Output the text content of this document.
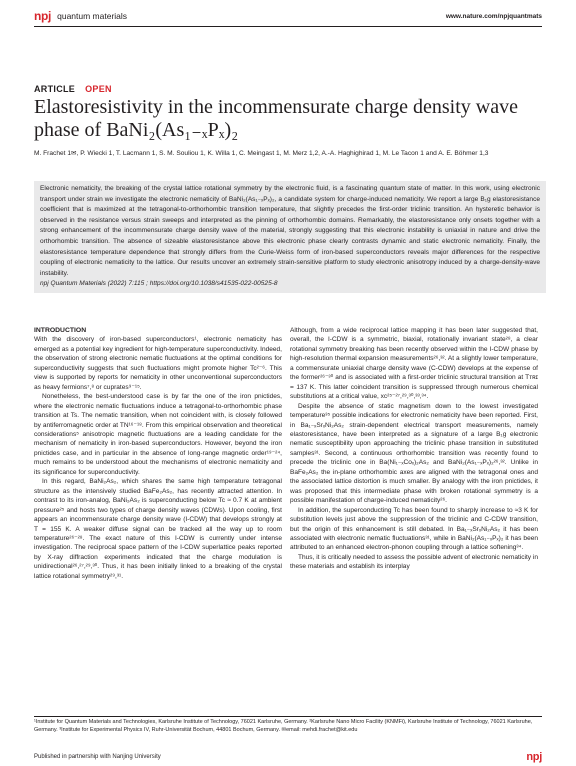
npj quantum materials	www.nature.com/npjquantmats
ARTICLE OPEN
Elastoresistivity in the incommensurate charge density wave phase of BaNi₂(As₁₋ₓPₓ)₂
M. Frachet 1✉, P. Wiecki 1, T. Lacmann 1, S. M. Souliou 1, K. Willa 1, C. Meingast 1, M. Merz 1,2, A.-A. Haghighirad 1, M. Le Tacon 1 and A. E. Böhmer 1,3
Electronic nematicity, the breaking of the crystal lattice rotational symmetry by the electronic fluid, is a fascinating quantum state of matter. In this work, using electronic transport under strain we investigate the electronic nematicity of BaNi₂(As₁₋ₓPₓ)₂, a candidate system for charge-induced nematicity. We report a large B₁g elastoresistance coefficient that is maximized at the tetragonal-to-orthorhombic transition temperature, that slightly precedes the first-order triclinic transition. An hysteretic behavior is observed in the resistance versus strain sweeps and interpreted as the pinning of orthorhombic domains. Remarkably, the elastoresistance only onsets together with a strong enhancement of the incommensurate charge density wave of the material, strongly suggesting that this electronic instability is uniaxial in nature and drive the orthorhombic transition. The absence of sizeable elastoresistance above this electronic phase clearly contrasts dynamic and static electronic nematicity. Finally, the elastoresistance temperature dependence that strongly differs from the Curie-Weiss form of iron-based superconductors reveals major differences for the respective coupling of electronic nematicity to the lattice. Our results uncover an extremely strain-sensitive platform to study electronic anisotropy induced by a charge-density-wave instability.
npj Quantum Materials (2022) 7:115 ; https://doi.org/10.1038/s41535-022-00525-8

INTRODUCTION

With the discovery of iron-based superconductors¹, electronic nematicity has emerged as a potential key ingredient for high-temperature superconductivity. Indeed, the observation of strong electronic nematic fluctuations at the optimal conditions for superconductivity suggests that such fluctuations might promote higher Tc²⁻⁶. This view is supported by reports for nematicity in other unconventional superconductors as heavy fermions⁷,⁸ or cuprates⁹⁻¹⁵.

Nonetheless, the best-understood case is by far the one of the iron pnictides, where the electronic nematic fluctuations induce a tetragonal-to-orthorhombic phase transition at Ts. The nematic transition, when not coincident with, is closely followed by antiferromagnetic order at TN¹⁶⁻¹⁸. From this empirical observation and theoretical considerations⁵ anisotropic magnetic fluctuations are a leading candidate for the mechanism of nematicity in iron-based superconductors. However, beyond the iron pnictides case, and in particular in the absence of long-range magnetic order¹⁹⁻²⁴, much remains to be understood about the mechanisms of electronic nematicity and its significance for superconductivity.

In this regard, BaNi₂As₂, which shares the same high temperature tetragonal structure as the intensively studied BaFe₂As₂, has recently attracted attention. In contrast to its iron-analog, BaNi₂As₂ is superconducting below Tc ≈ 0.7 K at ambient pressure²⁵ and hosts two types of charge density waves (CDWs). Upon cooling, first appears an incommensurate charge density wave (I-CDW) that develops strongly at T = 155 K. A weaker diffuse signal can be tracked all the way up to room temperature²⁶⁻²⁸. The exact nature of this I-CDW is currently under intense investigation. The reciprocal space pattern of the I-CDW superlattice peaks reported by X-ray diffraction experiments indicated that the charge modulation is unidirectional²⁶,²⁷,²⁹,³⁰. Thus, it has been initially linked to a breaking of the crystal lattice rotational symmetry²⁹,³¹.

Although, from a wide reciprocal lattice mapping it has been later suggested that, overall, the I-CDW is a symmetric, biaxial, rotationally invariant state²⁸, a clear rotational symmetry breaking has been recently observed within the I-CDW phase by high-resolution thermal expansion measurements²⁶,³². At a slightly lower temperature, a commensurate uniaxial charge density wave (C-CDW) develops at the expense of the former²⁶⁻³⁰ and is associated with a first-order triclinic structural transition at Tᴛʀɪ = 137 K. This latter coincident transition is suppressed through numerous chemical substitutions at a critical value, xc²⁵⁻²⁷,²⁹,³⁰,³³,³⁴.

Despite the absence of static magnetism down to the lowest investigated temperature³⁵ possible indications for electronic nematicity have been reported. First, in Ba₁₋ₓSrₓNi₂As₂ strain-dependent electrical transport measurements, namely elastoresistance, have been interpreted as a signature of a large B₁g electronic nematic susceptibility upon approaching the triclinic phase transition in substituted samples³¹. Second, a continuous orthorhombic transition was recently found to precede the triclinic one in Ba(Ni₁₋ₓCoₓ)₂As₂ and BaNi₂(As₁₋ₓPₓ)₂²⁶,³². Unlike in BaFe₂As₂ the in-plane orthorhombic axes are aligned with the tetragonal ones and the associated lattice distortion is much smaller. By analogy with the iron pnictides, it was proposed that this intermediate phase with broken rotational symmetry is a possible manifestation of charge-induced nematicity²⁶.

In addition, the superconducting Tc has been found to sharply increase to ≈3 K for substitution levels just above the suppression of the triclinic and C-CDW transition, but the origin of this enhancement is still debated. In Ba₁₋ₓSrₓNi₂As₂ it has been associated with electronic nematic fluctuations³¹, while in BaNi₂(As₁₋ₓPₓ)₂ it has been attributed to an enhanced electron-phonon coupling through a lattice softening³⁴.

Thus, it is critically needed to assess the possible advent of electronic nematicity in these materials and establish its interplay

¹Institute for Quantum Materials and Technologies, Karlsruhe Institute of Technology, 76021 Karlsruhe, Germany. ²Karlsruhe Nano Micro Facility (KNMFi), Karlsruhe Institute of Technology, 76021 Karlsruhe, Germany. ³Institute for Experimental Physics IV, Ruhr-Universität Bochum, 44801 Bochum, Germany. ✉email: mehdi.frachet@kit.edu
Published in partnership with Nanjing University	npj
